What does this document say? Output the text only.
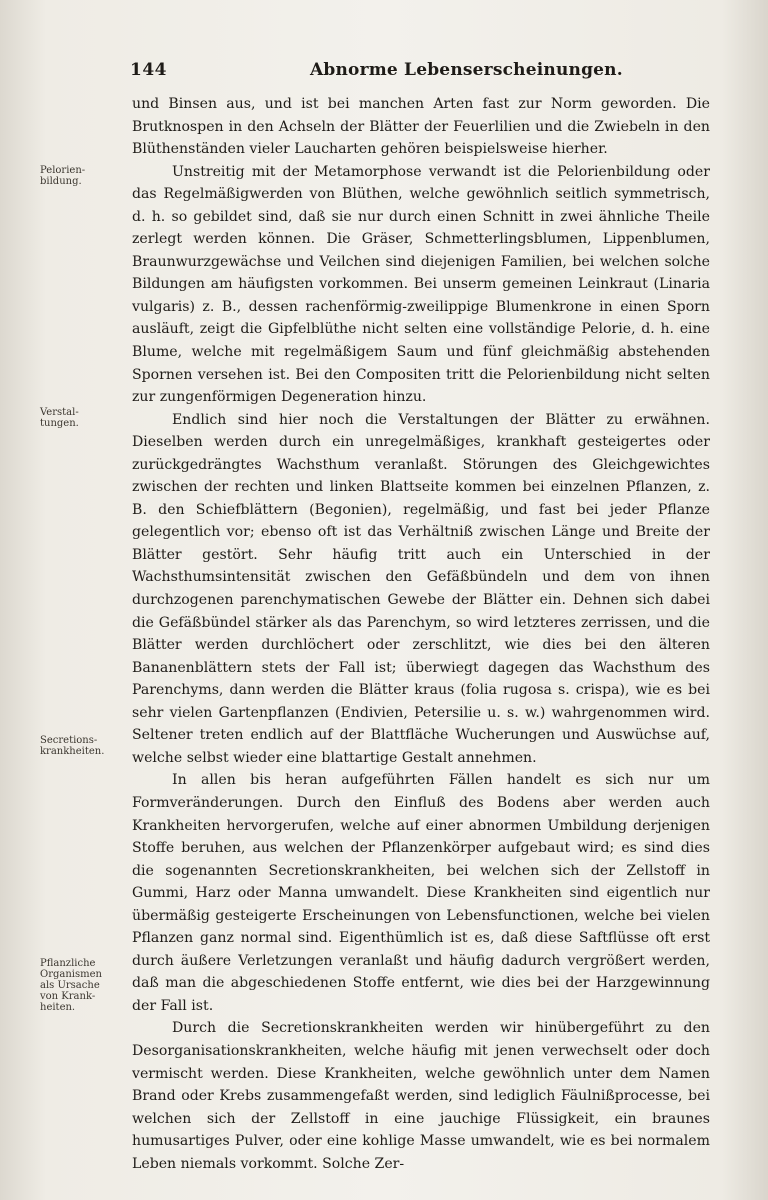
144	Abnorme Lebenserscheinungen.
Pelorien-
bildung.
Verstal-
tungen.
Secretions-
krankheiten.
Pflanzliche
Organismen
als Ursache
von Krank-
heiten.

und Binsen aus, und ist bei manchen Arten fast zur Norm geworden. Die Brutknospen in den Achseln der Blätter der Feuerlilien und die Zwiebeln in den Blüthenständen vieler Laucharten gehören beispielsweise hierher.

Unstreitig mit der Metamorphose verwandt ist die Pelorienbildung oder das Regelmäßigwerden von Blüthen, welche gewöhnlich seitlich symmetrisch, d. h. so gebildet sind, daß sie nur durch einen Schnitt in zwei ähnliche Theile zerlegt werden können. Die Gräser, Schmetterlingsblumen, Lippenblumen, Braunwurzgewächse und Veilchen sind diejenigen Familien, bei welchen solche Bildungen am häufigsten vorkommen. Bei unserm gemeinen Leinkraut (Linaria vulgaris) z. B., dessen rachenförmig-zweilippige Blumenkrone in einen Sporn ausläuft, zeigt die Gipfelblüthe nicht selten eine vollständige Pelorie, d. h. eine Blume, welche mit regelmäßigem Saum und fünf gleichmäßig abstehenden Spornen versehen ist. Bei den Compositen tritt die Pelorienbildung nicht selten zur zungenförmigen Degeneration hinzu.

Endlich sind hier noch die Verstaltungen der Blätter zu erwähnen. Dieselben werden durch ein unregelmäßiges, krankhaft gesteigertes oder zurückgedrängtes Wachsthum veranlaßt. Störungen des Gleichgewichtes zwischen der rechten und linken Blattseite kommen bei einzelnen Pflanzen, z. B. den Schiefblättern (Begonien), regelmäßig, und fast bei jeder Pflanze gelegentlich vor; ebenso oft ist das Verhältniß zwischen Länge und Breite der Blätter gestört. Sehr häufig tritt auch ein Unterschied in der Wachsthumsintensität zwischen den Gefäßbündeln und dem von ihnen durchzogenen parenchymatischen Gewebe der Blätter ein. Dehnen sich dabei die Gefäßbündel stärker als das Parenchym, so wird letzteres zerrissen, und die Blätter werden durchlöchert oder zerschlitzt, wie dies bei den älteren Bananenblättern stets der Fall ist; überwiegt dagegen das Wachsthum des Parenchyms, dann werden die Blätter kraus (folia rugosa s. crispa), wie es bei sehr vielen Gartenpflanzen (Endivien, Petersilie u. s. w.) wahrgenommen wird. Seltener treten endlich auf der Blattfläche Wucherungen und Auswüchse auf, welche selbst wieder eine blattartige Gestalt annehmen.

In allen bis heran aufgeführten Fällen handelt es sich nur um Formveränderungen. Durch den Einfluß des Bodens aber werden auch Krankheiten hervorgerufen, welche auf einer abnormen Umbildung derjenigen Stoffe beruhen, aus welchen der Pflanzenkörper aufgebaut wird; es sind dies die sogenannten Secretionskrankheiten, bei welchen sich der Zellstoff in Gummi, Harz oder Manna umwandelt. Diese Krankheiten sind eigentlich nur übermäßig gesteigerte Erscheinungen von Lebensfunctionen, welche bei vielen Pflanzen ganz normal sind. Eigenthümlich ist es, daß diese Saftflüsse oft erst durch äußere Verletzungen veranlaßt und häufig dadurch vergrößert werden, daß man die abgeschiedenen Stoffe entfernt, wie dies bei der Harzgewinnung der Fall ist.

Durch die Secretionskrankheiten werden wir hinübergeführt zu den Desorganisationskrankheiten, welche häufig mit jenen verwechselt oder doch vermischt werden. Diese Krankheiten, welche gewöhnlich unter dem Namen Brand oder Krebs zusammengefaßt werden, sind lediglich Fäulnißprocesse, bei welchen sich der Zellstoff in eine jauchige Flüssigkeit, ein braunes humusartiges Pulver, oder eine kohlige Masse umwandelt, wie es bei normalem Leben niemals vorkommt. Solche Zer-
